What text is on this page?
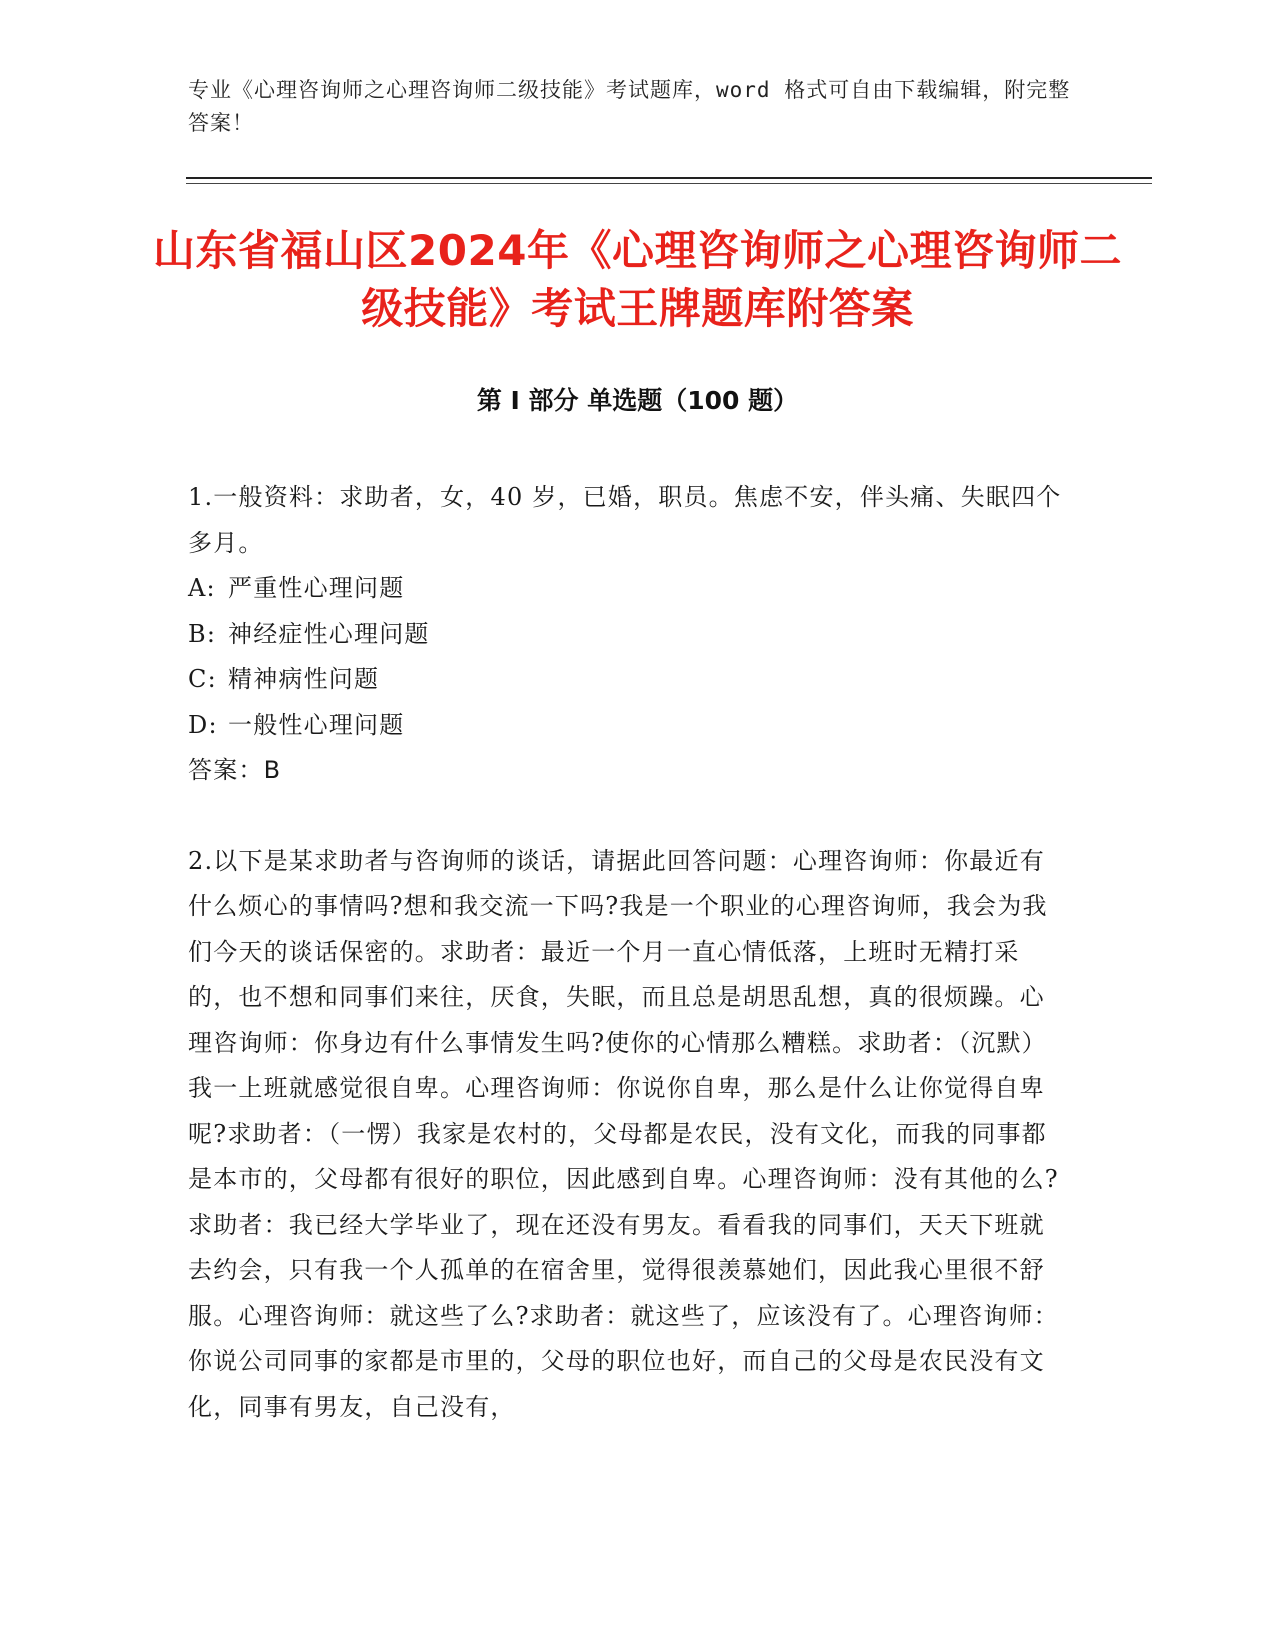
专业《心理咨询师之心理咨询师二级技能》考试题库，word 格式可自由下载编辑，附完整答案！
山东省福山区2024年《心理咨询师之心理咨询师二级技能》考试王牌题库附答案
第 I 部分 单选题（100 题）
1.一般资料：求助者，女，40 岁，已婚，职员。焦虑不安，伴头痛、失眠四个多月。
A: 严重性心理问题
B: 神经症性心理问题
C: 精神病性问题
D: 一般性心理问题
答案：B
2.以下是某求助者与咨询师的谈话，请据此回答问题：心理咨询师：你最近有什么烦心的事情吗?想和我交流一下吗?我是一个职业的心理咨询师，我会为我们今天的谈话保密的。求助者：最近一个月一直心情低落，上班时无精打采的，也不想和同事们来往，厌食，失眠，而且总是胡思乱想，真的很烦躁。心理咨询师：你身边有什么事情发生吗?使你的心情那么糟糕。求助者：（沉默）我一上班就感觉很自卑。心理咨询师：你说你自卑，那么是什么让你觉得自卑呢?求助者：（一愣）我家是农村的，父母都是农民，没有文化，而我的同事都是本市的，父母都有很好的职位，因此感到自卑。心理咨询师：没有其他的么?求助者：我已经大学毕业了，现在还没有男友。看看我的同事们，天天下班就去约会，只有我一个人孤单的在宿舍里，觉得很羡慕她们，因此我心里很不舒服。心理咨询师：就这些了么?求助者：就这些了，应该没有了。心理咨询师：你说公司同事的家都是市里的，父母的职位也好，而自己的父母是农民没有文化，同事有男友，自己没有，
